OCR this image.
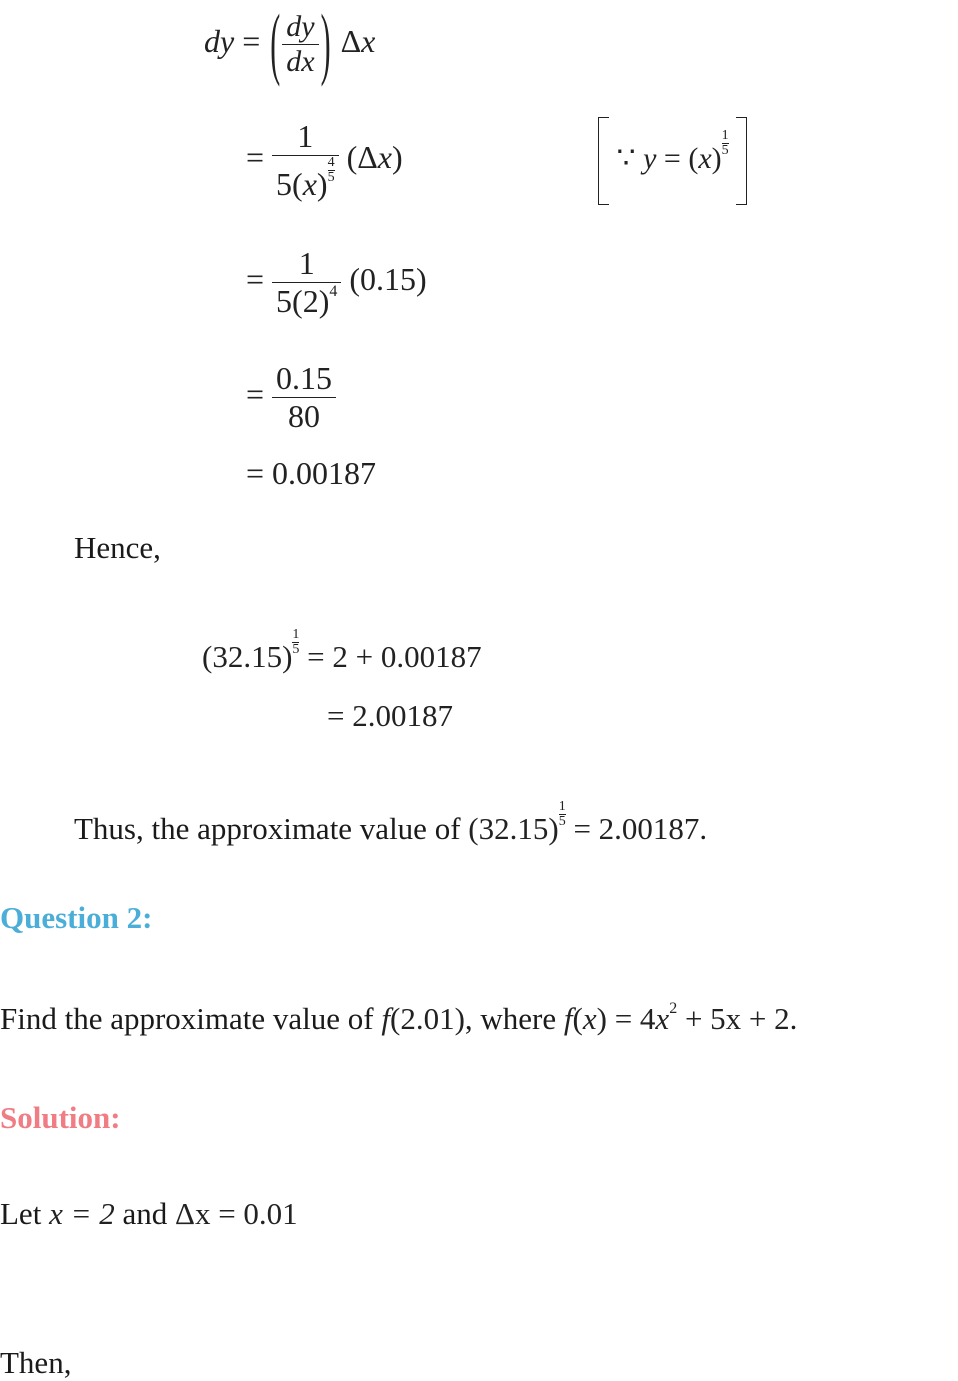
dy = ( $\frac{dy}{dx}$ ) Δx
= $\frac{1}{5(x) \frac{4}{5}} (\Delta x)$	∵ $y = (x) \frac{1}{5}$

= $\frac{1}{5(2)^4} (0.15)$
= $\frac{0.15}{80}$
= 0.00187
Hence,
$(32.15) \frac{1}{5} = 2 + 0.00187$
= 2.00187
Thus, the approximate value of $(32.15) \frac{1}{5} = 2.00187$.
Question 2:
Find the approximate value of f(2.01), where $f(x) = 4x^2 + 5x + 2$.
Solution:
Let x = 2 and Δx = 0.01
Then,
